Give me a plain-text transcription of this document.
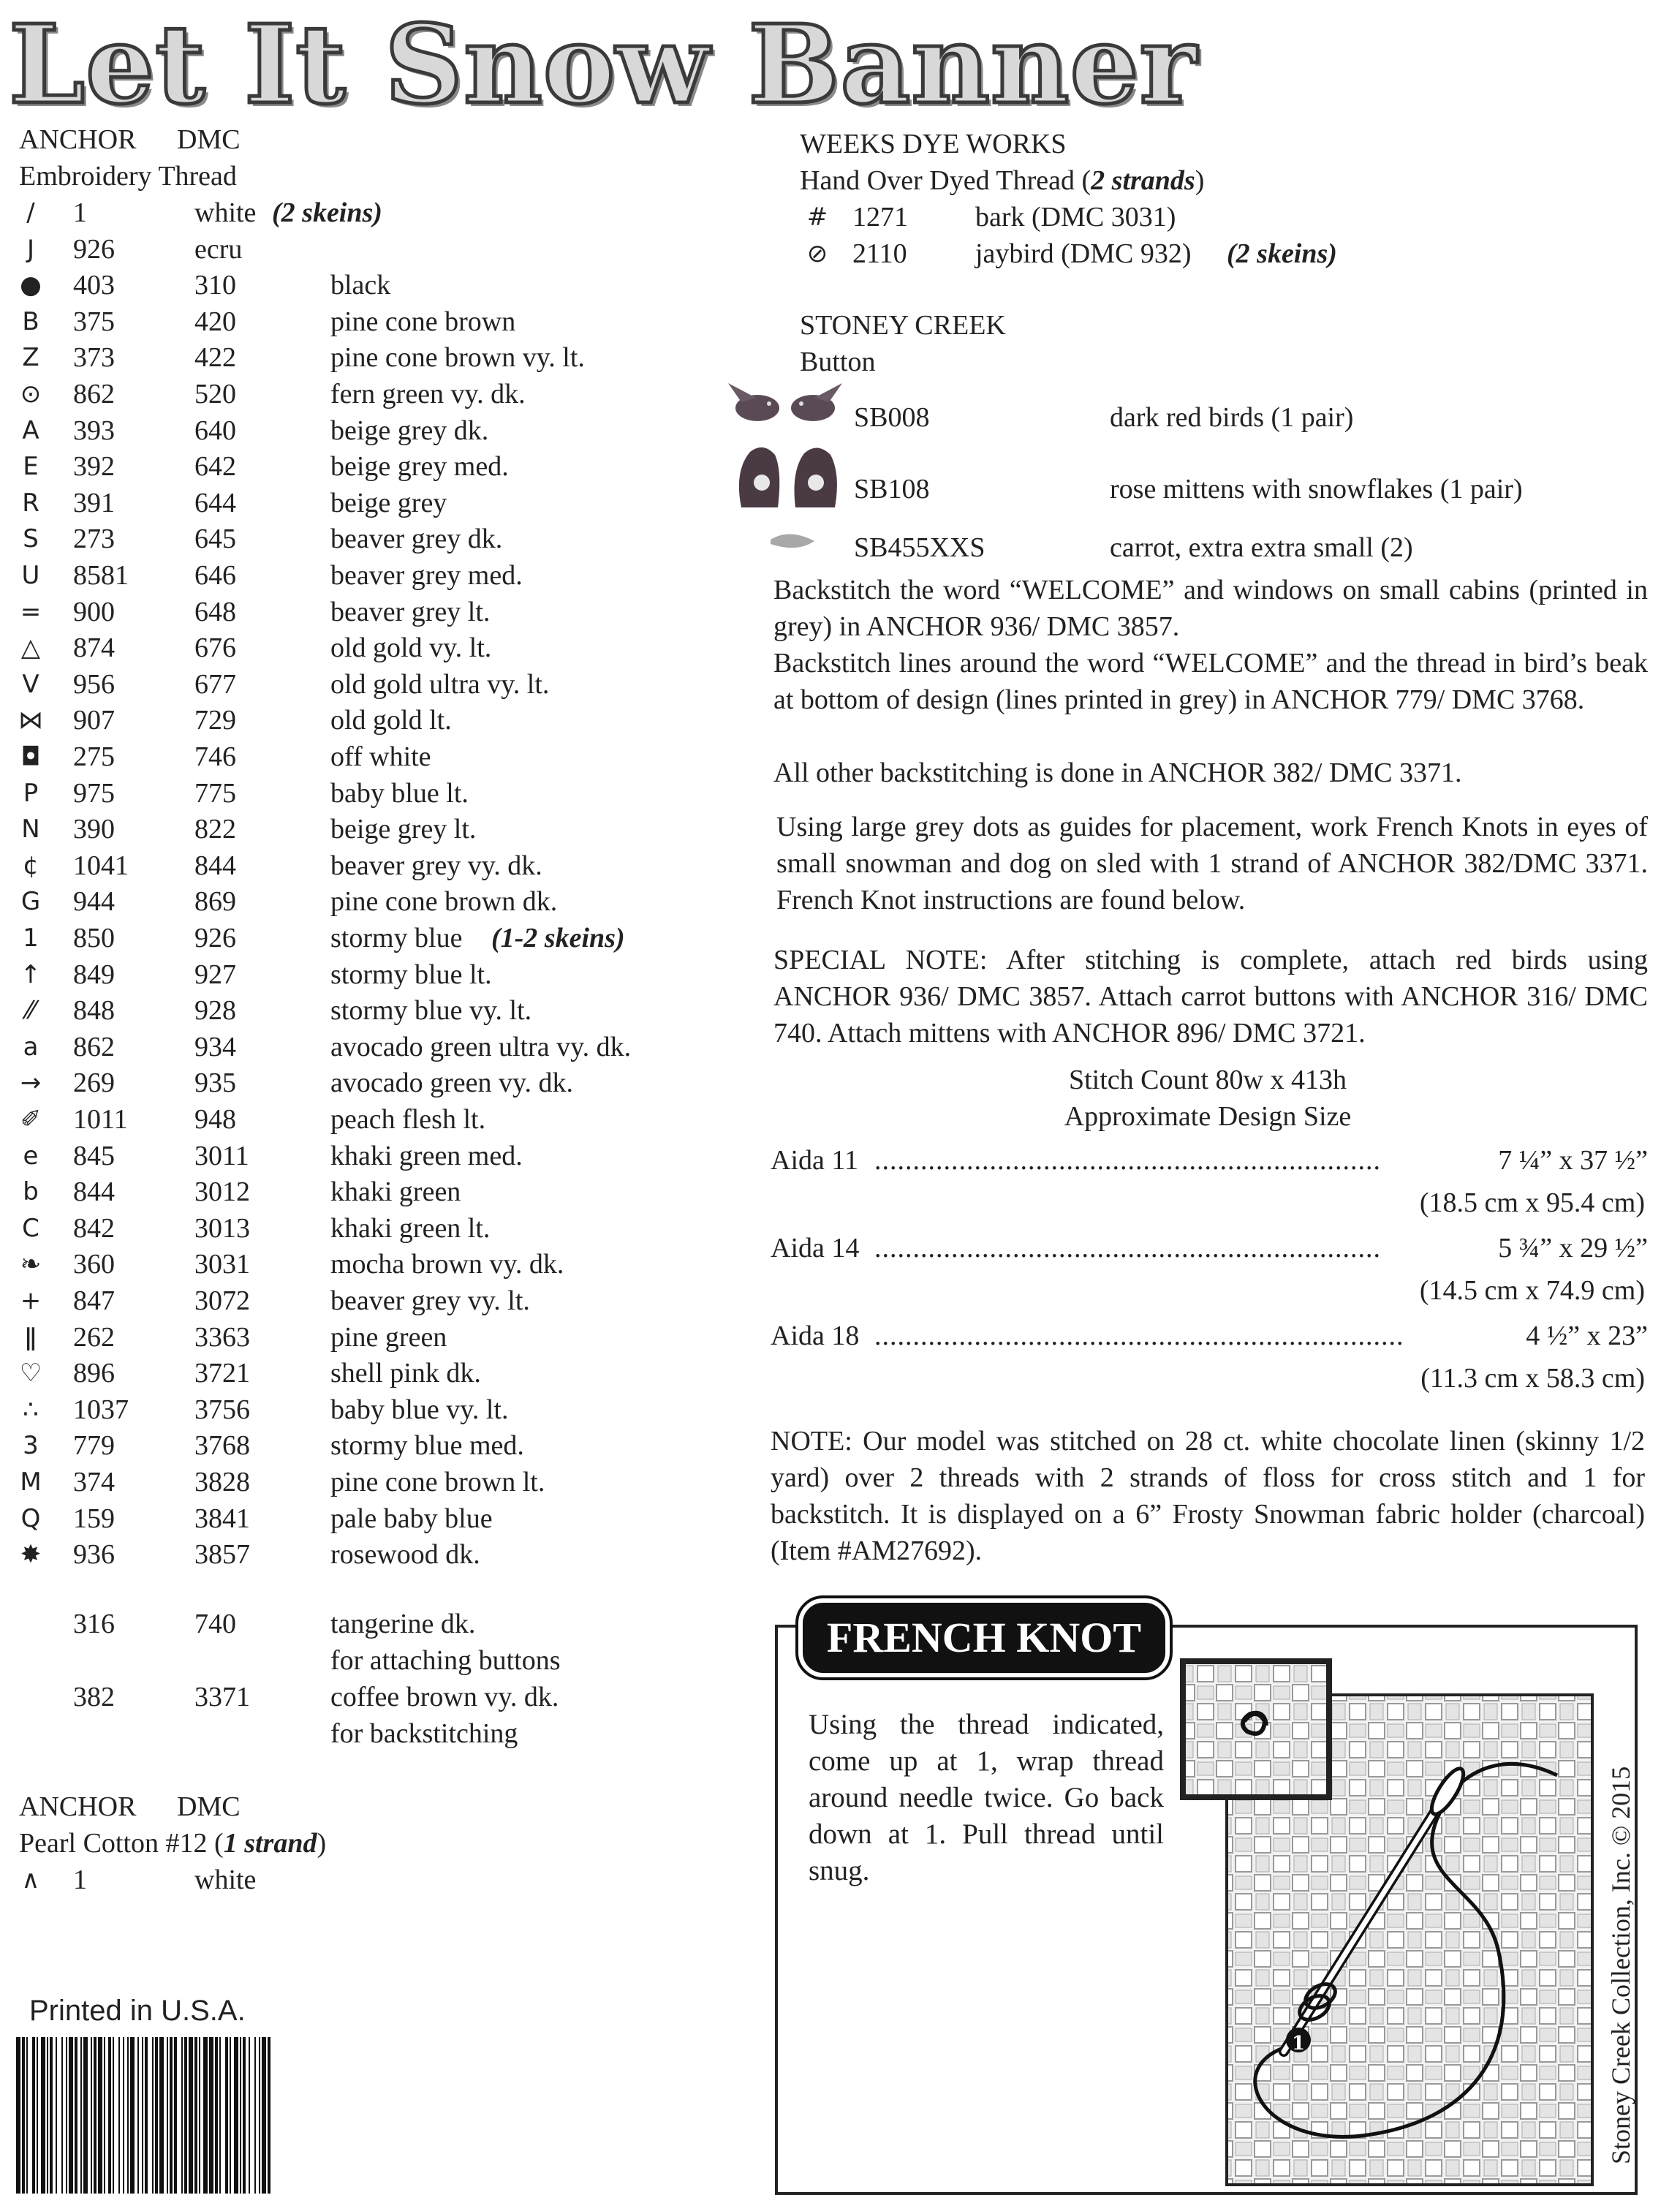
Let It Snow Banner
ANCHOR DMC
Embroidery Thread
/	1	white (2 skeins)
J	926	ecru
● 403	310	black
B 375	420	pine cone brown
Z 373	422	pine cone brown vy. lt.
⊙ 862	520	fern green vy. dk.
A 393	640	beige grey dk.
E 392	642	beige grey med.
R 391	644	beige grey
S 273	645	beaver grey dk.
U 8581 646	beaver grey med.
= 900	648	beaver grey lt.
△ 874	676	old gold vy. lt.
V 956	677	old gold ultra vy. lt.
⋈ 907	729	old gold lt.
◘ 275	746	off white
P 975	775	baby blue lt.
N 390	822	beige grey lt.
¢ 1041 844	beaver grey vy. dk.
G 944	869	pine cone brown dk.
1 850	926	stormy blue (1-2 skeins)
↑ 849	927	stormy blue lt.
⁄⁄	848	928	stormy blue vy. lt.
a 862	934	avocado green ultra vy. dk.
→ 269	935	avocado green vy. dk.
✐ 1011 948	peach flesh lt.
e 845	3011	khaki green med.
b 844	3012	khaki green
C 842	3013	khaki green lt.
❧ 360	3031	mocha brown vy. dk.
+ 847	3072	beaver grey vy. lt.
ǁ 262	3363	pine green
♡ 896	3721	shell pink dk.
∴ 1037 3756	baby blue vy. lt.
3 779	3768	stormy blue med.
M 374	3828	pine cone brown lt.
Q 159	3841	pale baby blue
✸ 936	3857	rosewood dk.
316	740	tangerine dk.
for attaching buttons
382	3371	coffee brown vy. dk.
for backstitching
ANCHOR DMC
Pearl Cotton #12 (1 strand)
∧ 1	white
Printed in U.S.A.
WEEKS DYE WORKS
Hand Over Dyed Thread (2 strands)
# 1271 bark (DMC 3031)
⊘ 2110 jaybird (DMC 932) (2 skeins)
STONEY CREEK
Button
SB008	dark red birds (1 pair)
SB108	rose mittens with snowflakes (1 pair)
SB455XXS	carrot, extra extra small (2)
Backstitch the word “WELCOME” and windows on small cabins (printed in grey) in ANCHOR 936/ DMC 3857.
Backstitch lines around the word “WELCOME” and the thread in bird’s beak at bottom of design (lines printed in grey) in ANCHOR 779/ DMC 3768.
All other backstitching is done in ANCHOR 382/ DMC 3371.
Using large grey dots as guides for placement, work French Knots in eyes of small snowman and dog on sled with 1 strand of ANCHOR 382/DMC 3371. French Knot instructions are found below.
SPECIAL NOTE: After stitching is complete, attach red birds using ANCHOR 936/ DMC 3857. Attach carrot buttons with ANCHOR 316/ DMC 740. Attach mittens with ANCHOR 896/ DMC 3721.
Stitch Count 80w x 413h
Approximate Design Size
Aida 11 ..................................................................	7 ¼” x 37 ½”
(18.5 cm x 95.4 cm)
Aida 14 ..................................................................	5 ¾” x 29 ½”
(14.5 cm x 74.9 cm)
Aida 18 .....................................................................	4 ½” x 23”
(11.3 cm x 58.3 cm)
NOTE: Our model was stitched on 28 ct. white chocolate linen (skinny 1/2 yard) over 2 threads with 2 strands of floss for cross stitch and 1 for backstitch. It is displayed on a 6” Frosty Snowman fabric holder (charcoal) (Item #AM27692).
FRENCH KNOT
Using the thread indicated, come up at 1, wrap thread around needle twice. Go back down at 1. Pull thread until snug.
1	Stoney Creek Collection, Inc. © 2015
